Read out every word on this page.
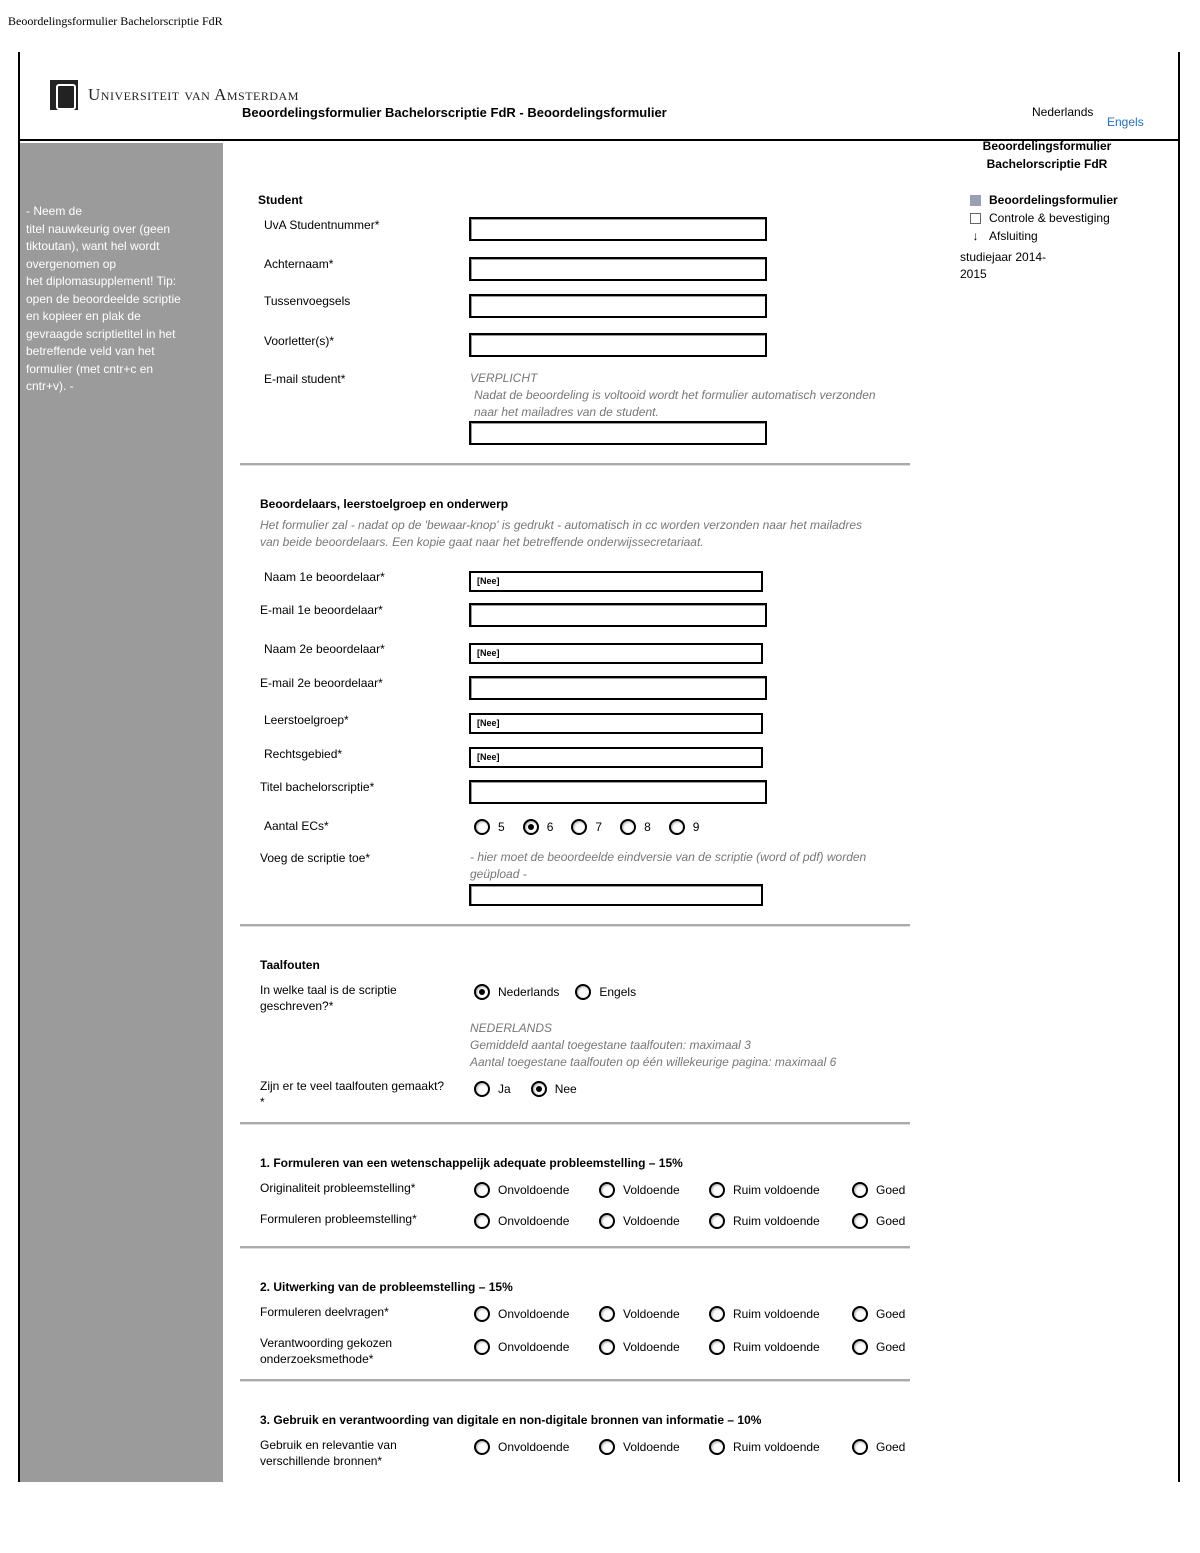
Beoordelingsformulier Bachelorscriptie FdR
Universiteit van Amsterdam
- Neem de
titel nauwkeurig over (geen
tiktoutan), want hel wordt
overgenomen op
het diplomasupplement! Tip:
open de beoordeelde scriptie
en kopieer en plak de
gevraagde scriptietitel in het
betreffende veld van het
formulier (met cntr+c en
cntr+v). -
Nederlands
Engels
Beoordelingsformulier Bachelorscriptie FdR
Beoordelingsformulier
Controle & bevestiging
↓ Afsluiting
studiejaar 2014-
2015
Beoordelingsformulier Bachelorscriptie FdR - Beoordelingsformulier
Student
UvA Studentnummer*
Achternaam*
Tussenvoegsels
Voorletter(s)*
E-mail student*	VERPLICHT
Nadat de beoordeling is voltooid wordt het formulier automatisch verzonden
naar het mailadres van de student.
Beoordelaars, leerstoelgroep en onderwerp
Het formulier zal - nadat op de 'bewaar-knop' is gedrukt - automatisch in cc worden verzonden naar het mailadres
van beide beoordelaars. Een kopie gaat naar het betreffende onderwijssecretariaat.
Naam 1e beoordelaar*	[Nee]
E-mail 1e beoordelaar*
Naam 2e beoordelaar*	[Nee]
E-mail 2e beoordelaar*
Leerstoelgroep*	[Nee]
Rechtsgebied*	[Nee]
Titel bachelorscriptie*
Aantal ECs*	5	6	7	8	9
Voeg de scriptie toe*	- hier moet de beoordeelde eindversie van de scriptie (word of pdf) worden
geüpload -
Taalfouten
In welke taal is de scriptie
geschreven?*
Nederlands	Engels
NEDERLANDS
Gemiddeld aantal toegestane taalfouten: maximaal 3
Aantal toegestane taalfouten op één willekeurige pagina: maximaal 6
Zijn er te veel taalfouten gemaakt?
*
Ja	Nee
1. Formuleren van een wetenschappelijk adequate probleemstelling – 15%
Originaliteit probleemstelling*	Onvoldoende	Voldoende	Ruim voldoende	Goed
Formuleren probleemstelling*	Onvoldoende	Voldoende	Ruim voldoende	Goed
2. Uitwerking van de probleemstelling – 15%
Formuleren deelvragen*	Onvoldoende	Voldoende	Ruim voldoende	Goed
Verantwoording gekozen
onderzoeksmethode*
Onvoldoende	Voldoende	Ruim voldoende	Goed
3. Gebruik en verantwoording van digitale en non-digitale bronnen van informatie – 10%
Gebruik en relevantie van
verschillende bronnen*
Onvoldoende	Voldoende	Ruim voldoende	Goed
